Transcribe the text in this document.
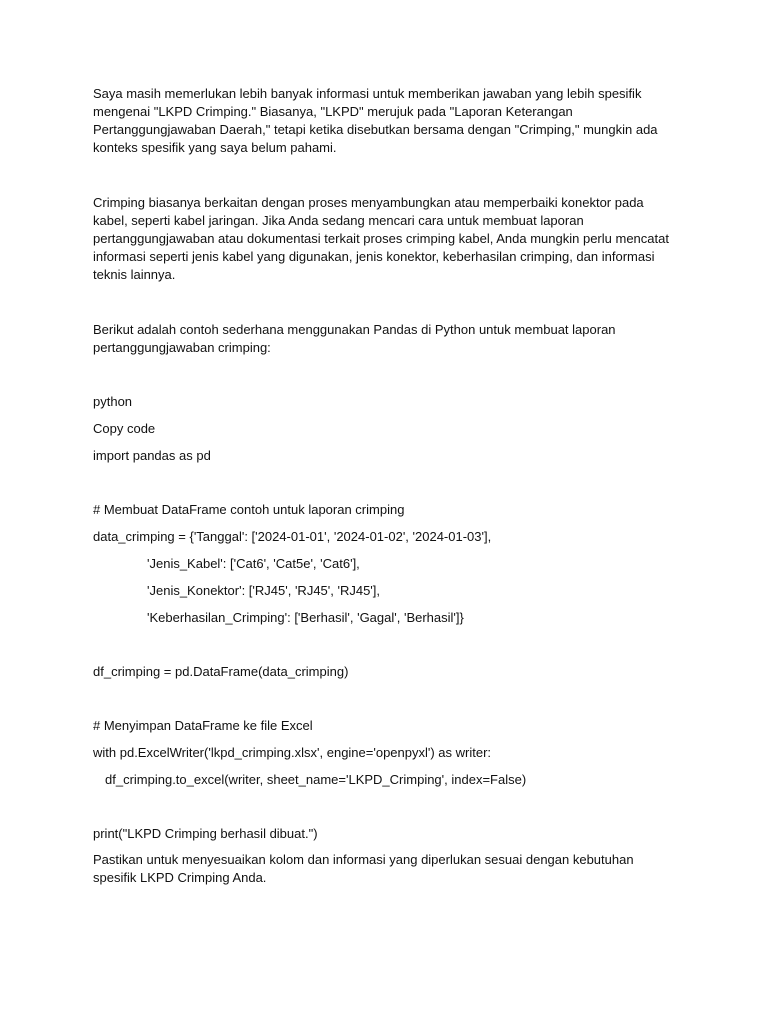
Saya masih memerlukan lebih banyak informasi untuk memberikan jawaban yang lebih spesifik
mengenai "LKPD Crimping." Biasanya, "LKPD" merujuk pada "Laporan Keterangan
Pertanggungjawaban Daerah," tetapi ketika disebutkan bersama dengan "Crimping," mungkin ada
konteks spesifik yang saya belum pahami.

Crimping biasanya berkaitan dengan proses menyambungkan atau memperbaiki konektor pada
kabel, seperti kabel jaringan. Jika Anda sedang mencari cara untuk membuat laporan
pertanggungjawaban atau dokumentasi terkait proses crimping kabel, Anda mungkin perlu mencatat
informasi seperti jenis kabel yang digunakan, jenis konektor, keberhasilan crimping, dan informasi
teknis lainnya.

Berikut adalah contoh sederhana menggunakan Pandas di Python untuk membuat laporan
pertanggungjawaban crimping:

python
Copy code
import pandas as pd
# Membuat DataFrame contoh untuk laporan crimping
data_crimping = {'Tanggal': ['2024-01-01', '2024-01-02', '2024-01-03'],
'Jenis_Kabel': ['Cat6', 'Cat5e', 'Cat6'],
'Jenis_Konektor': ['RJ45', 'RJ45', 'RJ45'],
'Keberhasilan_Crimping': ['Berhasil', 'Gagal', 'Berhasil']}
df_crimping = pd.DataFrame(data_crimping)
# Menyimpan DataFrame ke file Excel
with pd.ExcelWriter('lkpd_crimping.xlsx', engine='openpyxl') as writer:
df_crimping.to_excel(writer, sheet_name='LKPD_Crimping', index=False)
print("LKPD Crimping berhasil dibuat.")

Pastikan untuk menyesuaikan kolom dan informasi yang diperlukan sesuai dengan kebutuhan
spesifik LKPD Crimping Anda.
